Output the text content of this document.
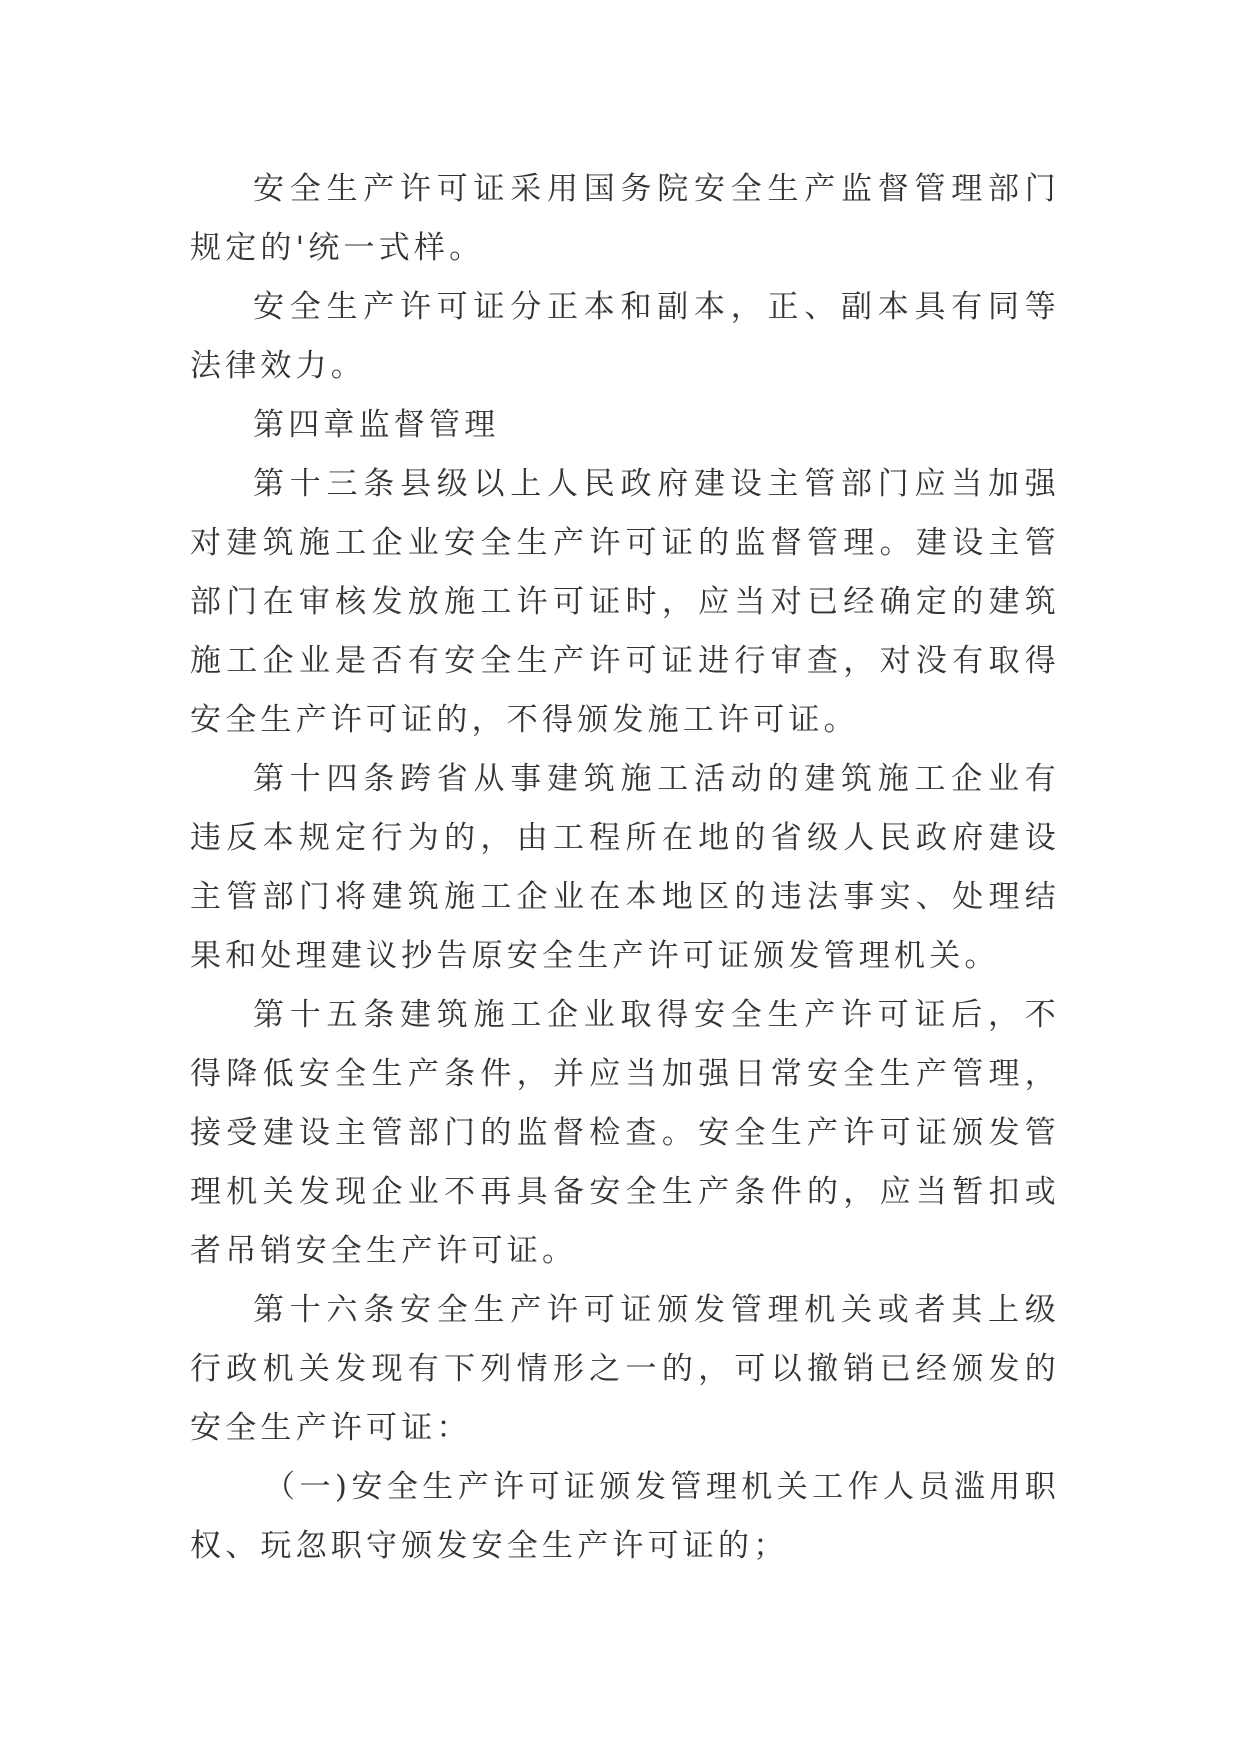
安全生产许可证采用国务院安全生产监督管理部门规定的'统一式样。

安全生产许可证分正本和副本，正、副本具有同等法律效力。

第四章监督管理

第十三条县级以上人民政府建设主管部门应当加强对建筑施工企业安全生产许可证的监督管理。建设主管部门在审核发放施工许可证时，应当对已经确定的建筑施工企业是否有安全生产许可证进行审查，对没有取得安全生产许可证的，不得颁发施工许可证。

第十四条跨省从事建筑施工活动的建筑施工企业有违反本规定行为的，由工程所在地的省级人民政府建设主管部门将建筑施工企业在本地区的违法事实、处理结果和处理建议抄告原安全生产许可证颁发管理机关。

第十五条建筑施工企业取得安全生产许可证后，不得降低安全生产条件，并应当加强日常安全生产管理，接受建设主管部门的监督检查。安全生产许可证颁发管理机关发现企业不再具备安全生产条件的，应当暂扣或者吊销安全生产许可证。

第十六条安全生产许可证颁发管理机关或者其上级行政机关发现有下列情形之一的，可以撤销已经颁发的安全生产许可证：

（一)安全生产许可证颁发管理机关工作人员滥用职权、玩忽职守颁发安全生产许可证的；
